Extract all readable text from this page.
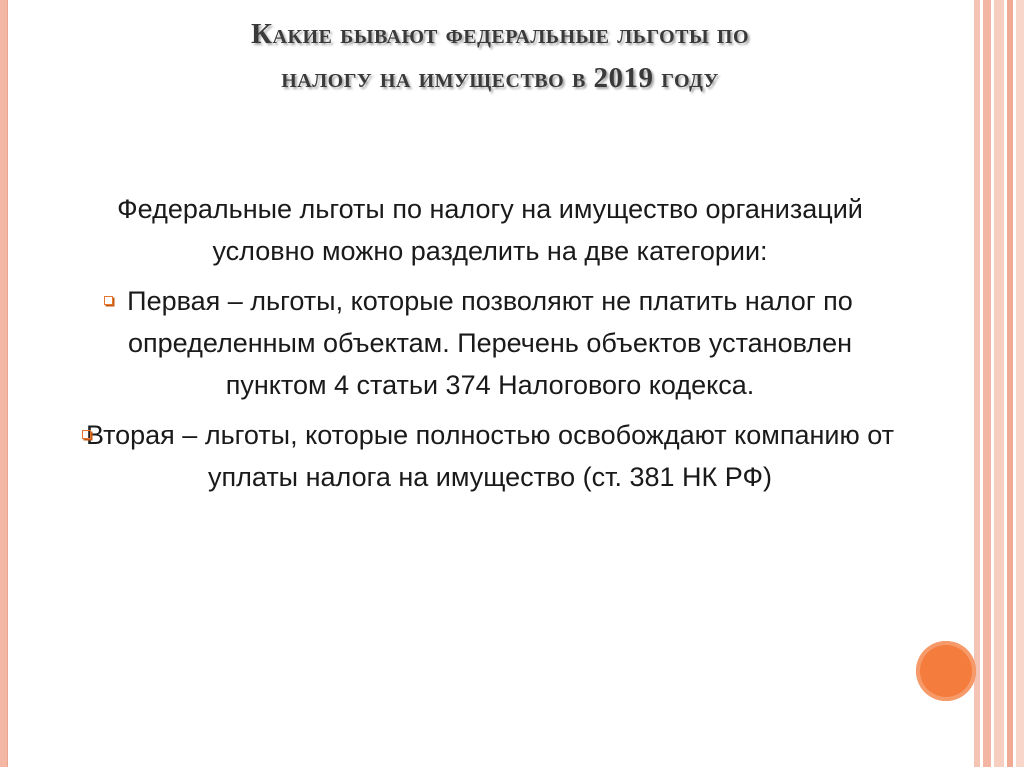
Какие бывают федеральные льготы по
налогу на имущество в 2019 году

Федеральные льготы по налогу на имущество организаций условно можно разделить на две категории:

Первая – льготы, которые позволяют не платить налог по определенным объектам. Перечень объектов установлен пунктом 4 статьи 374 Налогового кодекса.
Вторая – льготы, которые полностью освобождают компанию от уплаты налога на имущество (ст. 381 НК РФ)
